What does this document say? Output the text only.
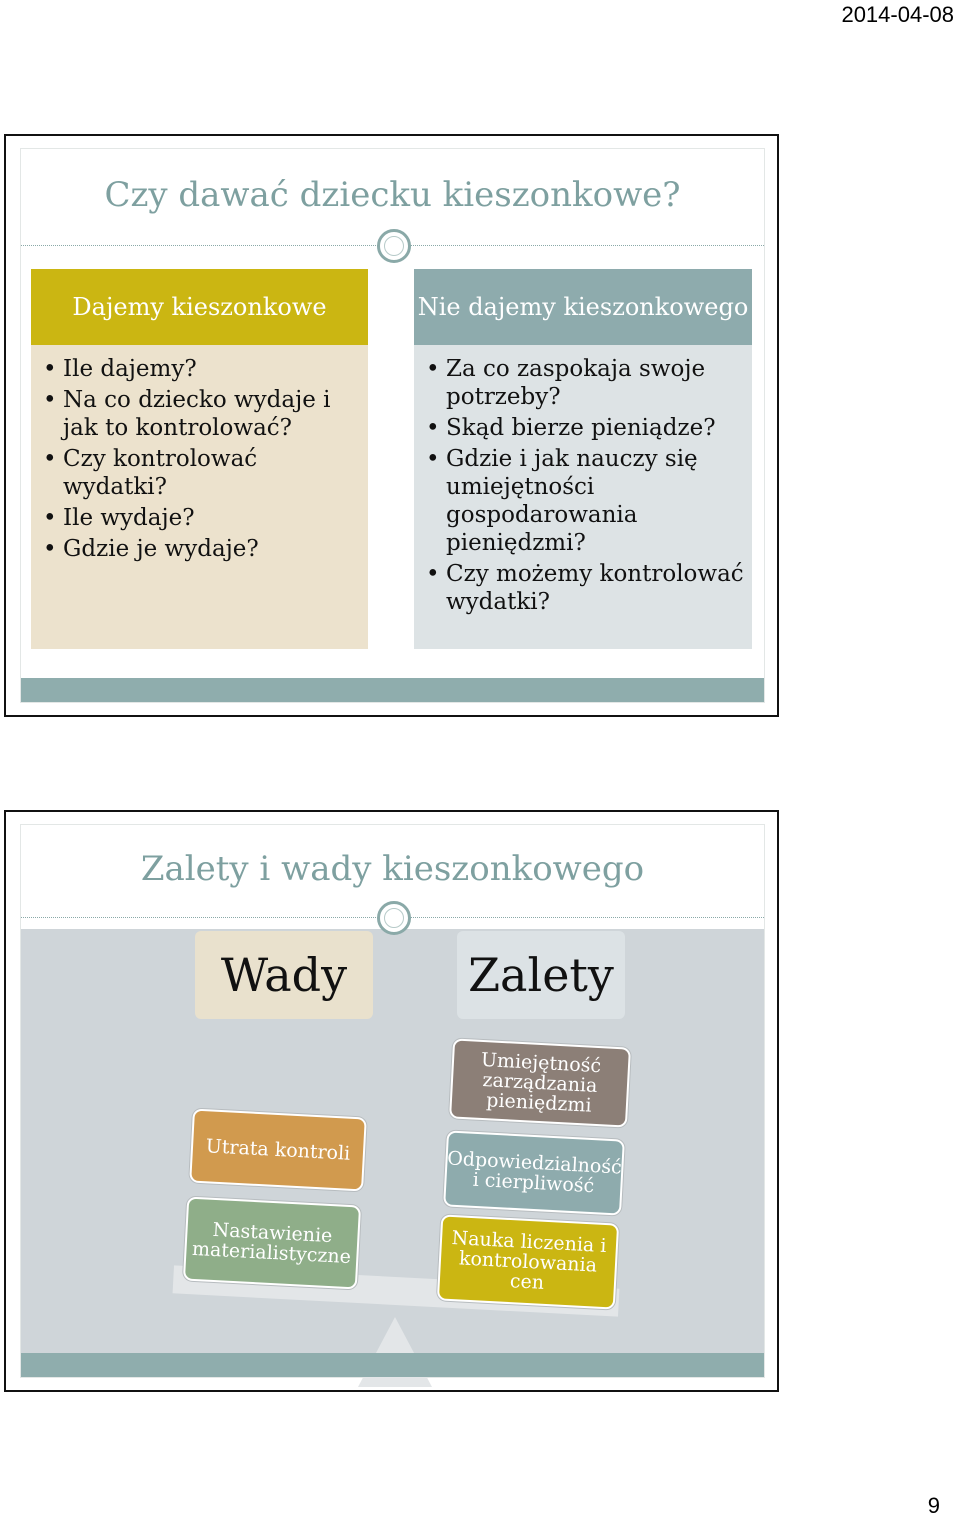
2014-04-08
Czy dawać dziecku kieszonkowe?
Dajemy kieszonkowe
• Ile dajemy?
• Na co dziecko wydaje i jak to kontrolować?
• Czy kontrolować wydatki?
• Ile wydaje?
• Gdzie je wydaje?
Nie dajemy kieszonkowego
• Za co zaspokaja swoje potrzeby?
• Skąd bierze pieniądze?
• Gdzie i jak nauczy się umiejętności gospodarowania pieniędzmi?
• Czy możemy kontrolować wydatki?
Zalety i wady kieszonkowego
Wady	Zalety
Utrata kontroli
Nastawienie materialistyczne
Umiejętność zarządzania pieniędzmi
Odpowiedzialność i cierpliwość
Nauka liczenia i kontrolowania cen
9
